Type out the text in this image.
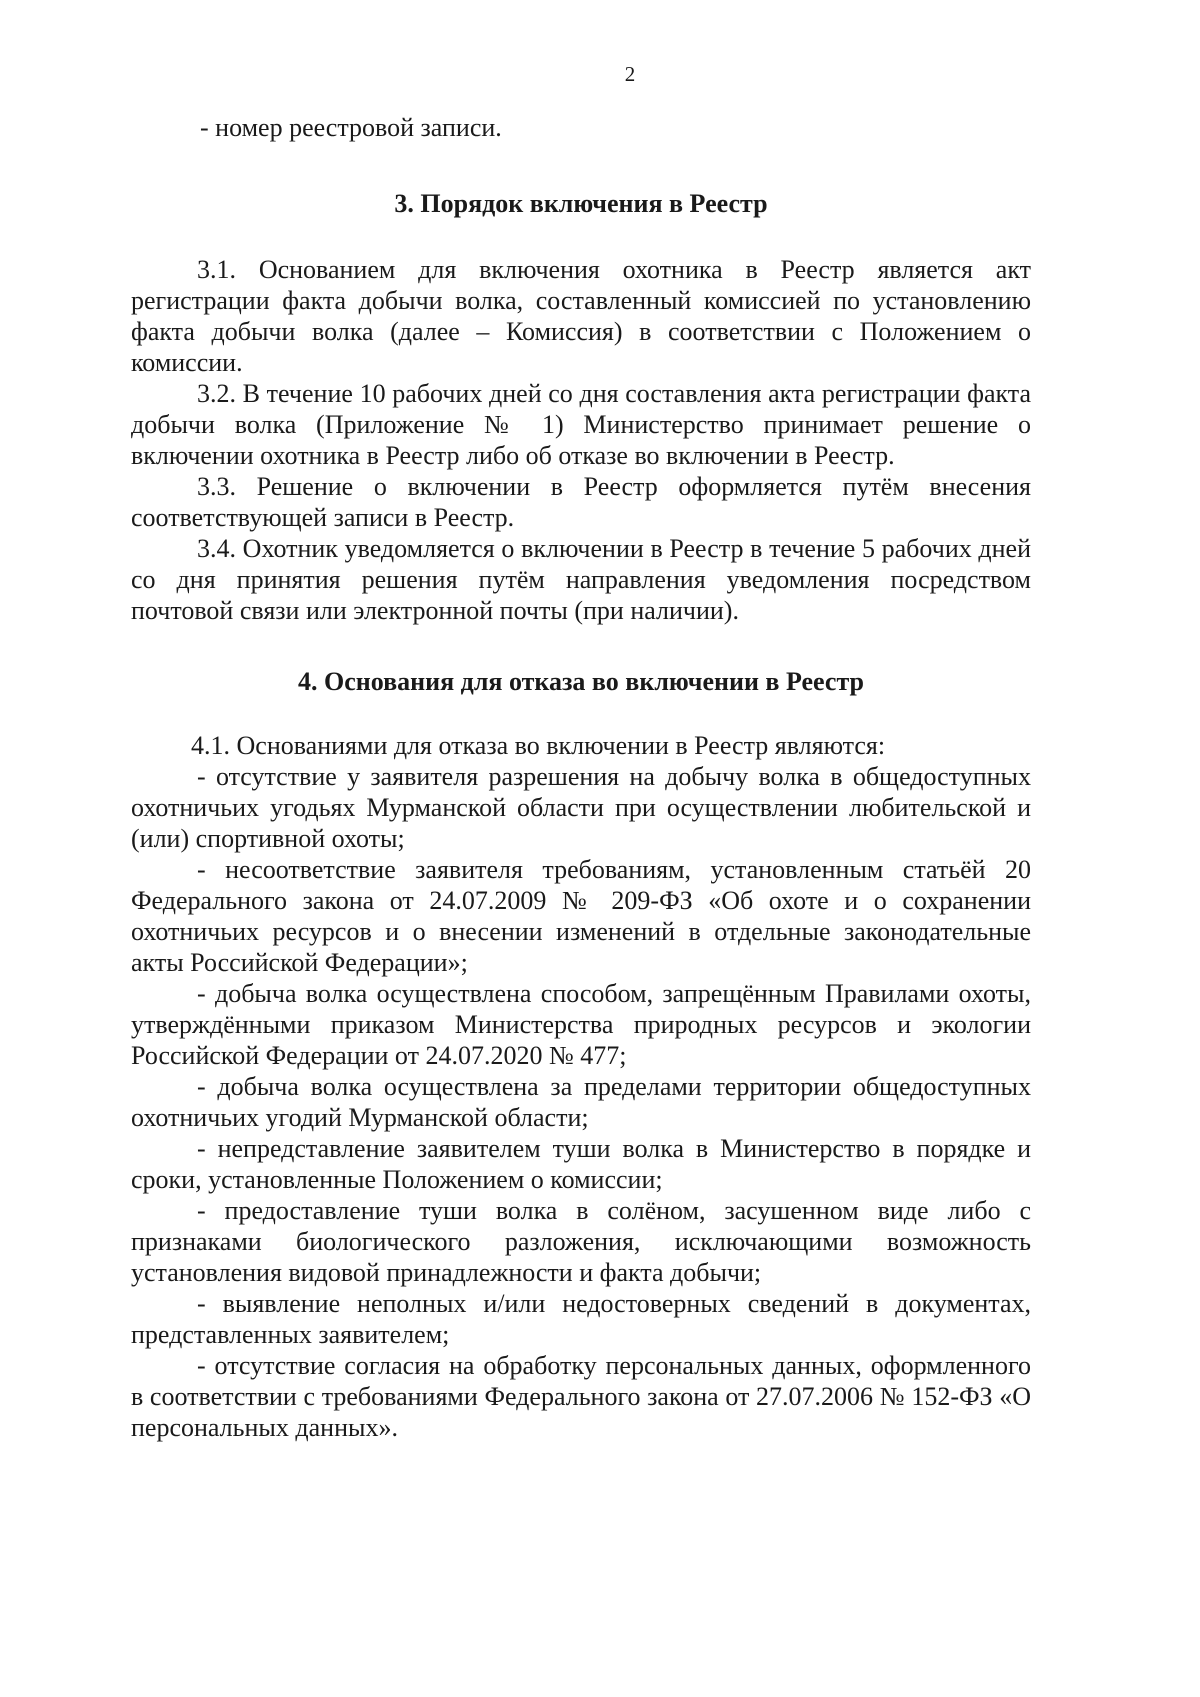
2

- номер реестровой записи.

3. Порядок включения в Реестр

3.1. Основанием для включения охотника в Реестр является акт регистрации факта добычи волка, составленный комиссией по установлению факта добычи волка (далее – Комиссия) в соответствии с Положением о комиссии.

3.2. В течение 10 рабочих дней со дня составления акта регистрации факта добычи волка (Приложение № 1) Министерство принимает решение о включении охотника в Реестр либо об отказе во включении в Реестр.

3.3. Решение о включении в Реестр оформляется путём внесения соответствующей записи в Реестр.

3.4. Охотник уведомляется о включении в Реестр в течение 5 рабочих дней со дня принятия решения путём направления уведомления посредством почтовой связи или электронной почты (при наличии).

4. Основания для отказа во включении в Реестр

4.1. Основаниями для отказа во включении в Реестр являются:

- отсутствие у заявителя разрешения на добычу волка в общедоступных охотничьих угодьях Мурманской области при осуществлении любительской и (или) спортивной охоты;

- несоответствие заявителя требованиям, установленным статьёй 20 Федерального закона от 24.07.2009 № 209-ФЗ «Об охоте и о сохранении охотничьих ресурсов и о внесении изменений в отдельные законодательные акты Российской Федерации»;

- добыча волка осуществлена способом, запрещённым Правилами охоты, утверждёнными приказом Министерства природных ресурсов и экологии Российской Федерации от 24.07.2020 № 477;

- добыча волка осуществлена за пределами территории общедоступных охотничьих угодий Мурманской области;

- непредставление заявителем туши волка в Министерство в порядке и сроки, установленные Положением о комиссии;

- предоставление туши волка в солёном, засушенном виде либо с признаками биологического разложения, исключающими возможность установления видовой принадлежности и факта добычи;

- выявление неполных и/или недостоверных сведений в документах, представленных заявителем;

- отсутствие согласия на обработку персональных данных, оформленного в соответствии с требованиями Федерального закона от 27.07.2006 № 152-ФЗ «О персональных данных».
